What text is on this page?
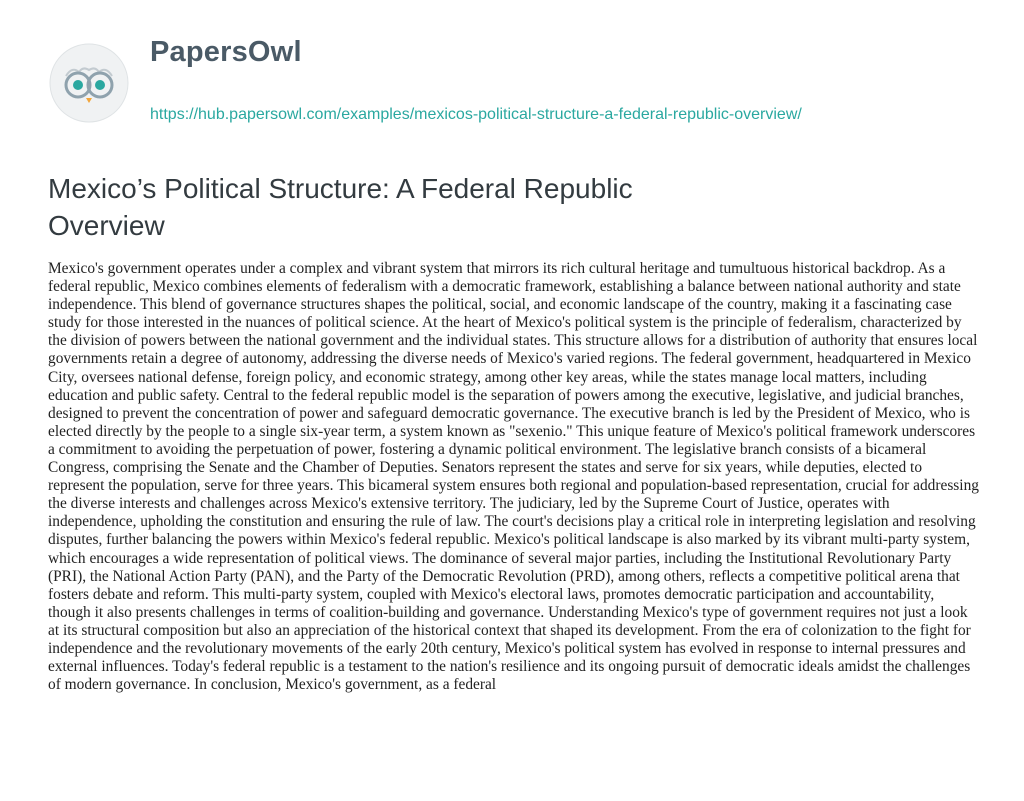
PapersOwl
https://hub.papersowl.com/examples/mexicos-political-structure-a-federal-republic-overview/
Mexico’s Political Structure: A Federal Republic Overview

Mexico's government operates under a complex and vibrant system that mirrors its rich cultural heritage and tumultuous historical backdrop. As a federal republic, Mexico combines elements of federalism with a democratic framework, establishing a balance between national authority and state independence. This blend of governance structures shapes the political, social, and economic landscape of the country, making it a fascinating case study for those interested in the nuances of political science. At the heart of Mexico's political system is the principle of federalism, characterized by the division of powers between the national government and the individual states. This structure allows for a distribution of authority that ensures local governments retain a degree of autonomy, addressing the diverse needs of Mexico's varied regions. The federal government, headquartered in Mexico City, oversees national defense, foreign policy, and economic strategy, among other key areas, while the states manage local matters, including education and public safety. Central to the federal republic model is the separation of powers among the executive, legislative, and judicial branches, designed to prevent the concentration of power and safeguard democratic governance. The executive branch is led by the President of Mexico, who is elected directly by the people to a single six-year term, a system known as "sexenio." This unique feature of Mexico's political framework underscores a commitment to avoiding the perpetuation of power, fostering a dynamic political environment. The legislative branch consists of a bicameral Congress, comprising the Senate and the Chamber of Deputies. Senators represent the states and serve for six years, while deputies, elected to represent the population, serve for three years. This bicameral system ensures both regional and population-based representation, crucial for addressing the diverse interests and challenges across Mexico's extensive territory. The judiciary, led by the Supreme Court of Justice, operates with independence, upholding the constitution and ensuring the rule of law. The court's decisions play a critical role in interpreting legislation and resolving disputes, further balancing the powers within Mexico's federal republic. Mexico's political landscape is also marked by its vibrant multi-party system, which encourages a wide representation of political views. The dominance of several major parties, including the Institutional Revolutionary Party (PRI), the National Action Party (PAN), and the Party of the Democratic Revolution (PRD), among others, reflects a competitive political arena that fosters debate and reform. This multi-party system, coupled with Mexico's electoral laws, promotes democratic participation and accountability, though it also presents challenges in terms of coalition-building and governance. Understanding Mexico's type of government requires not just a look at its structural composition but also an appreciation of the historical context that shaped its development. From the era of colonization to the fight for independence and the revolutionary movements of the early 20th century, Mexico's political system has evolved in response to internal pressures and external influences. Today's federal republic is a testament to the nation's resilience and its ongoing pursuit of democratic ideals amidst the challenges of modern governance. In conclusion, Mexico's government, as a federal
